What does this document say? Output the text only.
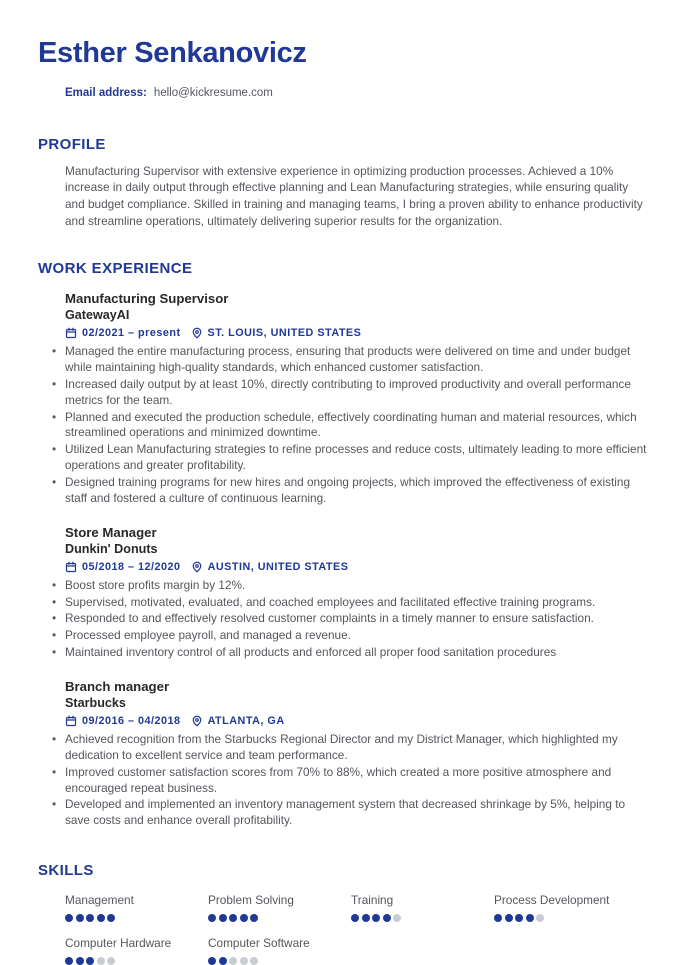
Esther Senkanovicz
Email address: hello@kickresume.com
PROFILE

Manufacturing Supervisor with extensive experience in optimizing production processes. Achieved a 10% increase in daily output through effective planning and Lean Manufacturing strategies, while ensuring quality and budget compliance. Skilled in training and managing teams, I bring a proven ability to enhance productivity and streamline operations, ultimately delivering superior results for the organization.

WORK EXPERIENCE
Manufacturing Supervisor
GatewayAI
02/2021 – present	ST. LOUIS, UNITED STATES
• Managed the entire manufacturing process, ensuring that products were delivered on time and under budget while maintaining high-quality standards, which enhanced customer satisfaction.
• Increased daily output by at least 10%, directly contributing to improved productivity and overall performance metrics for the team.
• Planned and executed the production schedule, effectively coordinating human and material resources, which streamlined operations and minimized downtime.
• Utilized Lean Manufacturing strategies to refine processes and reduce costs, ultimately leading to more efficient operations and greater profitability.
• Designed training programs for new hires and ongoing projects, which improved the effectiveness of existing staff and fostered a culture of continuous learning.
Store Manager
Dunkin' Donuts
05/2018 – 12/2020	AUSTIN, UNITED STATES
• Boost store profits margin by 12%.
• Supervised, motivated, evaluated, and coached employees and facilitated effective training programs.
• Responded to and effectively resolved customer complaints in a timely manner to ensure satisfaction.
• Processed employee payroll, and managed a revenue.
• Maintained inventory control of all products and enforced all proper food sanitation procedures
Branch manager
Starbucks
09/2016 – 04/2018	ATLANTA, GA
• Achieved recognition from the Starbucks Regional Director and my District Manager, which highlighted my dedication to excellent service and team performance.
• Improved customer satisfaction scores from 70% to 88%, which created a more positive atmosphere and encouraged repeat business.
• Developed and implemented an inventory management system that decreased shrinkage by 5%, helping to save costs and enhance overall profitability.
SKILLS
Management	Problem Solving	Training	Process Development
Computer Hardware	Computer Software
